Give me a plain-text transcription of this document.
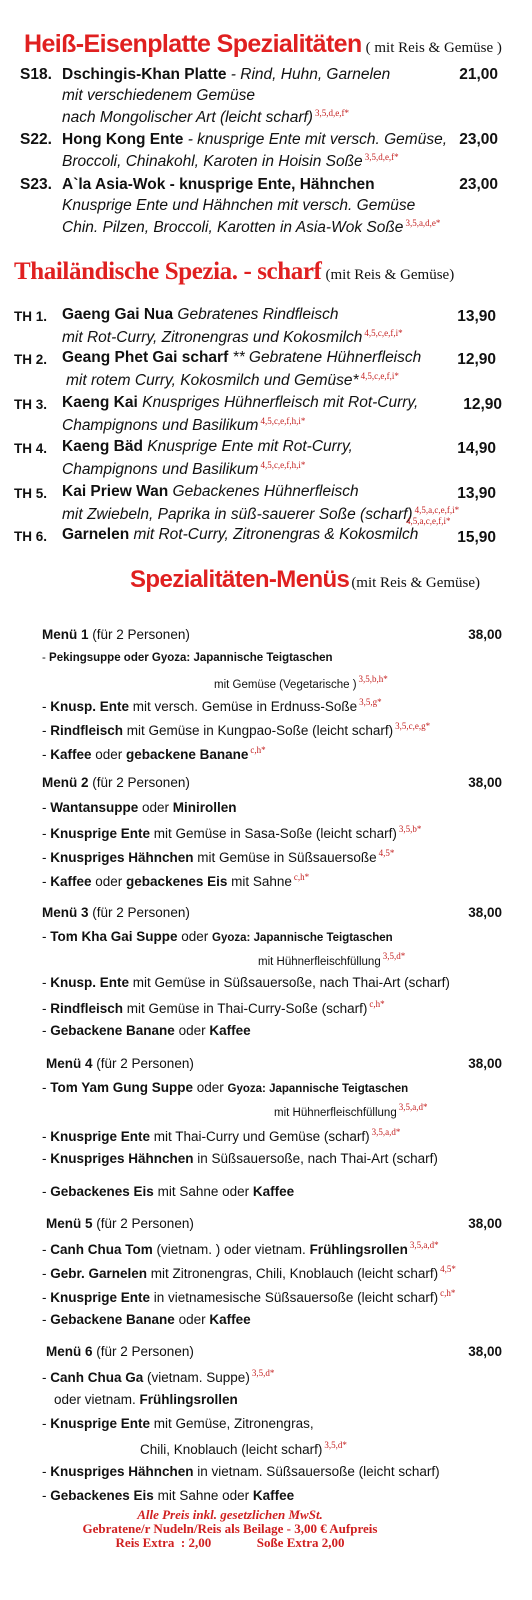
Heiß-Eisenplatte Spezialitäten ( mit Reis & Gemüse )
S18. Dschingis-Khan Platte - Rind, Huhn, Garnelen	21,00
mit verschiedenem Gemüse
nach Mongolischer Art (leicht scharf) $^{3,5,d,e,f*}$
S22. Hong Kong Ente - knusprige Ente mit versch. Gemüse, 23,00
Broccoli, Chinakohl, Karoten in Hoisin Soße $^{3,5,d,e,f*}$
S23. A`la Asia-Wok - knusprige Ente, Hähnchen	23,00
Knusprige Ente und Hähnchen mit versch. Gemüse
Chin. Pilzen, Broccoli, Karotten in Asia-Wok Soße $^{3,5,a,d,e*}$
Thailändische Spezia. - scharf (mit Reis & Gemüse)
TH 1. Gaeng Gai Nua Gebratenes Rindfleisch	13,90
mit Rot-Curry, Zitronengras und Kokosmilch $^{4,5,c,e,f,i*}$
TH 2. Geang Phet Gai scharf ** Gebratene Hühnerfleisch 12,90
mit rotem Curry, Kokosmilch und Gemüse* $^{4,5,c,e,f,i*}$
TH 3. Kaeng Kai Knuspriges Hühnerfleisch mit Rot-Curry,	12,90
Champignons und Basilikum $^{4,5,c,e,f,h,i*}$
TH 4. Kaeng Bäd Knusprige Ente mit Rot-Curry,	14,90
Champignons und Basilikum $^{4,5,c,e,f,h,i*}$
TH 5. Kai Priew Wan Gebackenes Hühnerfleisch	13,90
mit Zwiebeln, Paprika in süß-sauerer Soße (scharf) $^{4,5,a,c,e,f,i*}$
TH 6. Garnelen mit Rot-Curry, Zitronengras & Kokosmilch	15,90
4,5,a,c,e,f,i*
Spezialitäten-Menüs (mit Reis & Gemüse)
Menü 1 (für 2 Personen)	38,00
- Pekingsuppe oder Gyoza: Japannische Teigtaschen
mit Gemüse (Vegetarische ) $^{3,5,b,h*}$
- Knusp. Ente mit versch. Gemüse in Erdnuss-Soße $^{3,5,g*}$
- Rindfleisch mit Gemüse in Kungpao-Soße (leicht scharf) $^{3,5,c,e,g*}$
- Kaffee oder gebackene Banane $^{c,h*}$
Menü 2 (für 2 Personen)	38,00
- Wantansuppe oder Minirollen
- Knusprige Ente mit Gemüse in Sasa-Soße (leicht scharf) $^{3,5,b*}$
- Knuspriges Hähnchen mit Gemüse in Süßsauersoße $^{4,5*}$
- Kaffee oder gebackenes Eis mit Sahne $^{c,h*}$
Menü 3 (für 2 Personen)	38,00
- Tom Kha Gai Suppe oder Gyoza: Japannische Teigtaschen
mit Hühnerfleischfüllung $^{3,5,d*}$
- Knusp. Ente mit Gemüse in Süßsauersoße, nach Thai-Art (scharf)
- Rindfleisch mit Gemüse in Thai-Curry-Soße (scharf) $^{c,h*}$
- Gebackene Banane oder Kaffee
Menü 4 (für 2 Personen)	38,00
- Tom Yam Gung Suppe oder Gyoza: Japannische Teigtaschen
mit Hühnerfleischfüllung $^{3,5,a,d*}$
- Knusprige Ente mit Thai-Curry und Gemüse (scharf) $^{3,5,a,d*}$
- Knuspriges Hähnchen in Süßsauersoße, nach Thai-Art (scharf)
- Gebackenes Eis mit Sahne oder Kaffee
Menü 5 (für 2 Personen)	38,00
- Canh Chua Tom (vietnam. ) oder vietnam. Frühlingsrollen $^{3,5,a,d*}$
- Gebr. Garnelen mit Zitronengras, Chili, Knoblauch (leicht scharf) $^{4,5*}$
- Knusprige Ente in vietnamesische Süßsauersoße (leicht scharf) $^{c,h*}$
- Gebackene Banane oder Kaffee
Menü 6 (für 2 Personen)	38,00
- Canh Chua Ga (vietnam. Suppe) $^{3,5,d*}$
oder vietnam. Frühlingsrollen
- Knusprige Ente mit Gemüse, Zitronengras,
Chili, Knoblauch (leicht scharf) $^{3,5,d*}$
- Knuspriges Hähnchen in vietnam. Süßsauersoße (leicht scharf)
- Gebackenes Eis mit Sahne oder Kaffee
Alle Preis inkl. gesetzlichen MwSt.
Gebratene/r Nudeln/Reis als Beilage - 3,00 € Aufpreis
Reis Extra  : 2,00              Soße Extra 2,00
